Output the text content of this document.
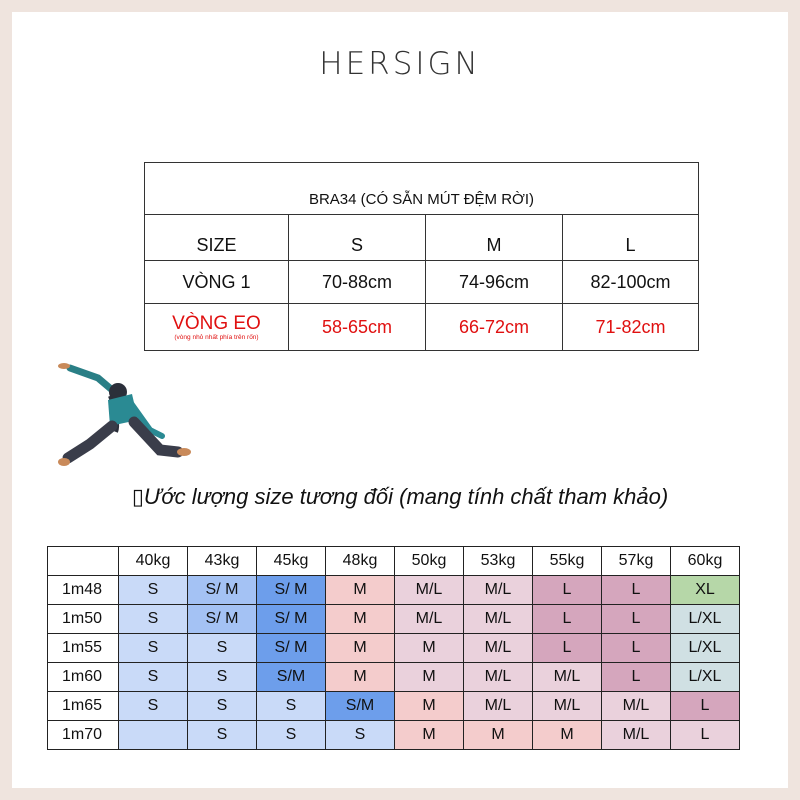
HERSIGN
BRA34 (CÓ SẴN MÚT ĐỆM RỜI)			
SIZE	S	M	L
VÒNG 1	70-88cm	74-96cm	82-100cm

VÒNG EO
(vòng nhỏ nhất phía trên rốn)	58-65cm	66-72cm	71-82cm
▯Ước lượng size tương đối (mang tính chất tham khảo)
	40kg	43kg	45kg	48kg	50kg	53kg	55kg	57kg	60kg
1m48	S	S/ M	S/ M	M	M/L	M/L	L	L	XL
1m50	S	S/ M	S/ M	M	M/L	M/L	L	L	L/XL
1m55	S	S	S/ M	M	M	M/L	L	L	L/XL
1m60	S	S	S/M	M	M	M/L	M/L	L	L/XL
1m65	S	S	S	S/M	M	M/L	M/L	M/L	L
1m70		S	S	S	M	M	M	M/L	L
